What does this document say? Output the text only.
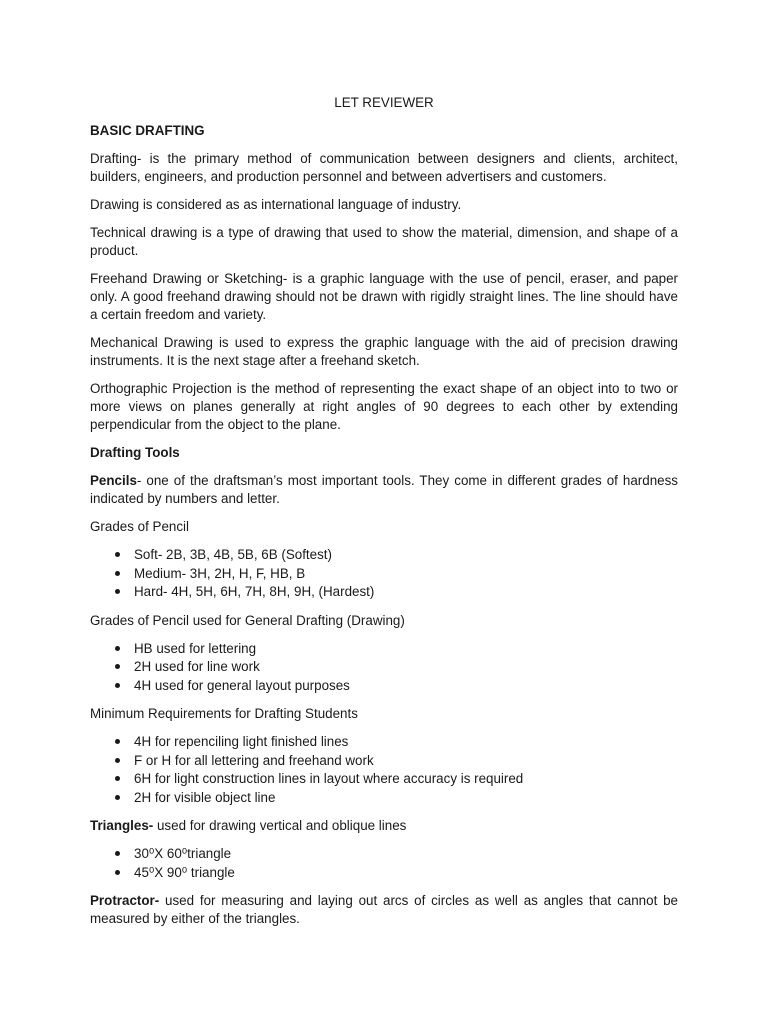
LET REVIEWER
BASIC DRAFTING

Drafting- is the primary method of communication between designers and clients, architect, builders, engineers, and production personnel and between advertisers and customers.

Drawing is considered as as international language of industry.

Technical drawing is a type of drawing that used to show the material, dimension, and shape of a product.

Freehand Drawing or Sketching- is a graphic language with the use of pencil, eraser, and paper only. A good freehand drawing should not be drawn with rigidly straight lines. The line should have a certain freedom and variety.

Mechanical Drawing is used to express the graphic language with the aid of precision drawing instruments. It is the next stage after a freehand sketch.

Orthographic Projection is the method of representing the exact shape of an object into to two or more views on planes generally at right angles of 90 degrees to each other by extending perpendicular from the object to the plane.

Drafting Tools

Pencils- one of the draftsman’s most important tools. They come in different grades of hardness indicated by numbers and letter.

Grades of Pencil

Soft- 2B, 3B, 4B, 5B, 6B (Softest)
Medium- 3H, 2H, H, F, HB, B
Hard- 4H, 5H, 6H, 7H, 8H, 9H, (Hardest)

Grades of Pencil used for General Drafting (Drawing)

HB used for lettering
2H used for line work
4H used for general layout purposes

Minimum Requirements for Drafting Students

4H for repenciling light finished lines
F or H for all lettering and freehand work
6H for light construction lines in layout where accuracy is required
2H for visible object line

Triangles- used for drawing vertical and oblique lines

30⁰X 60⁰triangle
45⁰X 90⁰ triangle

Protractor- used for measuring and laying out arcs of circles as well as angles that cannot be measured by either of the triangles.
